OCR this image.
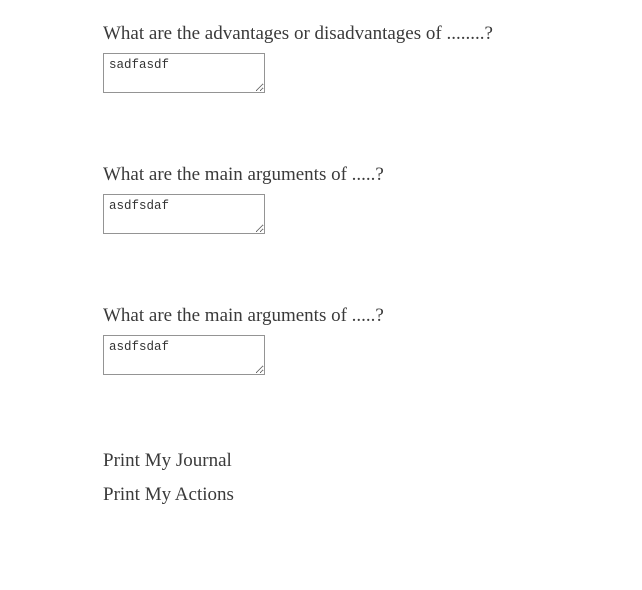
What are the advantages or disadvantages of ........?

sadfasdf

What are the main arguments of .....?

asdfsdaf

What are the main arguments of .....?

asdfsdaf
Print My Journal
Print My Actions
